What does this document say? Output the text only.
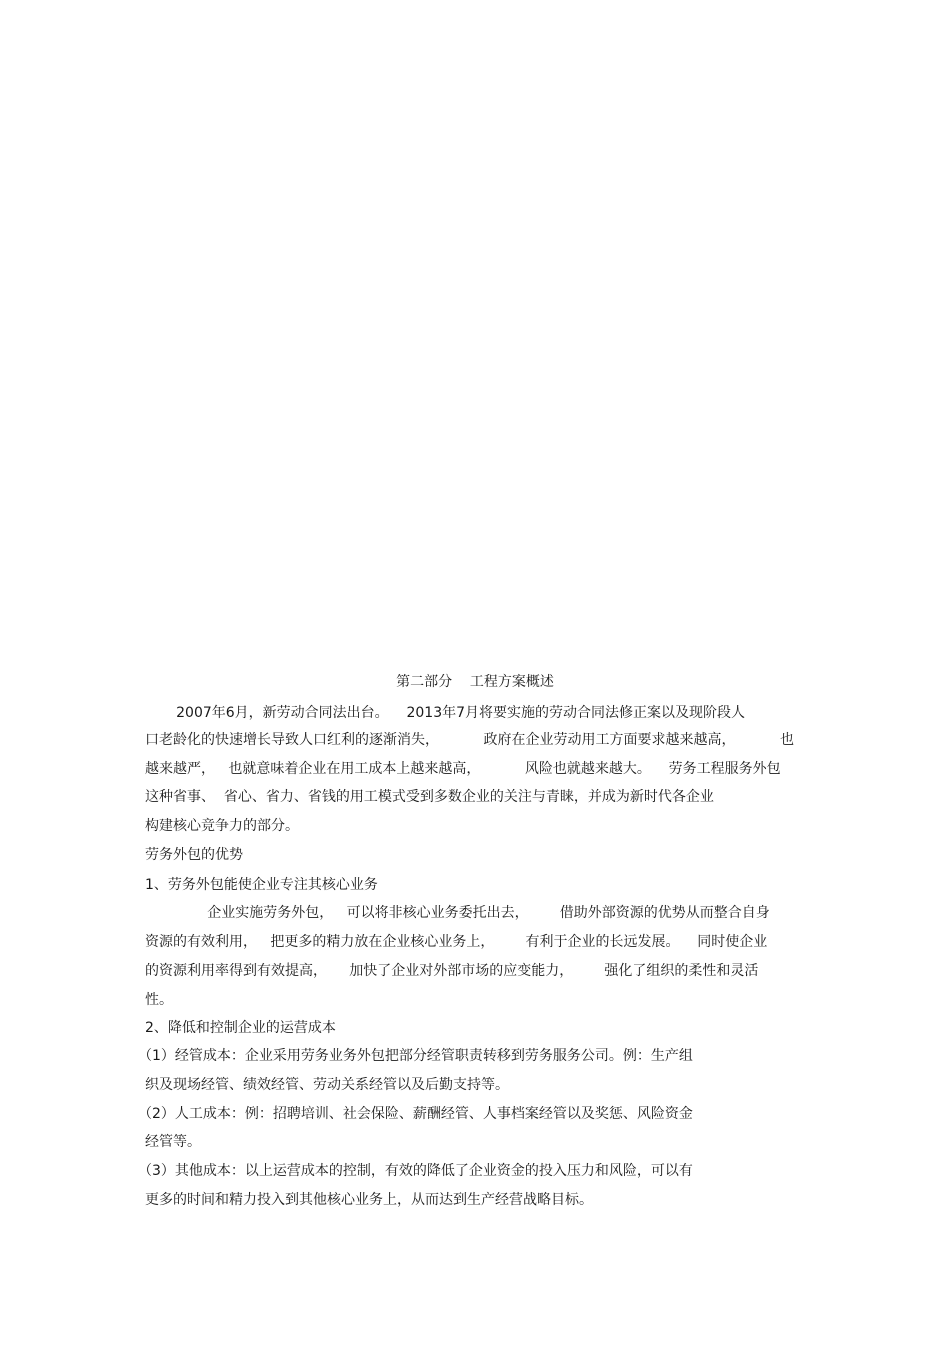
第二部分    工程方案概述

2007年6月，新劳动合同法出台。    2013年7月将要实施的劳动合同法修正案以及现阶段人

口老龄化的快速增长导致人口红利的逐渐消失，          政府在企业劳动用工方面要求越来越高，          也

越来越严，   也就意味着企业在用工成本上越来越高，          风险也就越来越大。    劳务工程服务外包

这种省事、  省心、省力、省钱的用工模式受到多数企业的关注与青睐，并成为新时代各企业

构建核心竞争力的部分。

劳务外包的优势

1、劳务外包能使企业专注其核心业务

企业实施劳务外包，   可以将非核心业务委托出去，       借助外部资源的优势从而整合自身

资源的有效利用，   把更多的精力放在企业核心业务上，       有利于企业的长远发展。    同时使企业

的资源利用率得到有效提高，     加快了企业对外部市场的应变能力，       强化了组织的柔性和灵活

性。

2、降低和控制企业的运营成本

（1）经管成本：企业采用劳务业务外包把部分经管职责转移到劳务服务公司。例：生产组

织及现场经管、绩效经管、劳动关系经管以及后勤支持等。

（2）人工成本：例：招聘培训、社会保险、薪酬经管、人事档案经管以及奖惩、风险资金

经管等。

（3）其他成本：以上运营成本的控制，有效的降低了企业资金的投入压力和风险，可以有

更多的时间和精力投入到其他核心业务上，从而达到生产经营战略目标。
